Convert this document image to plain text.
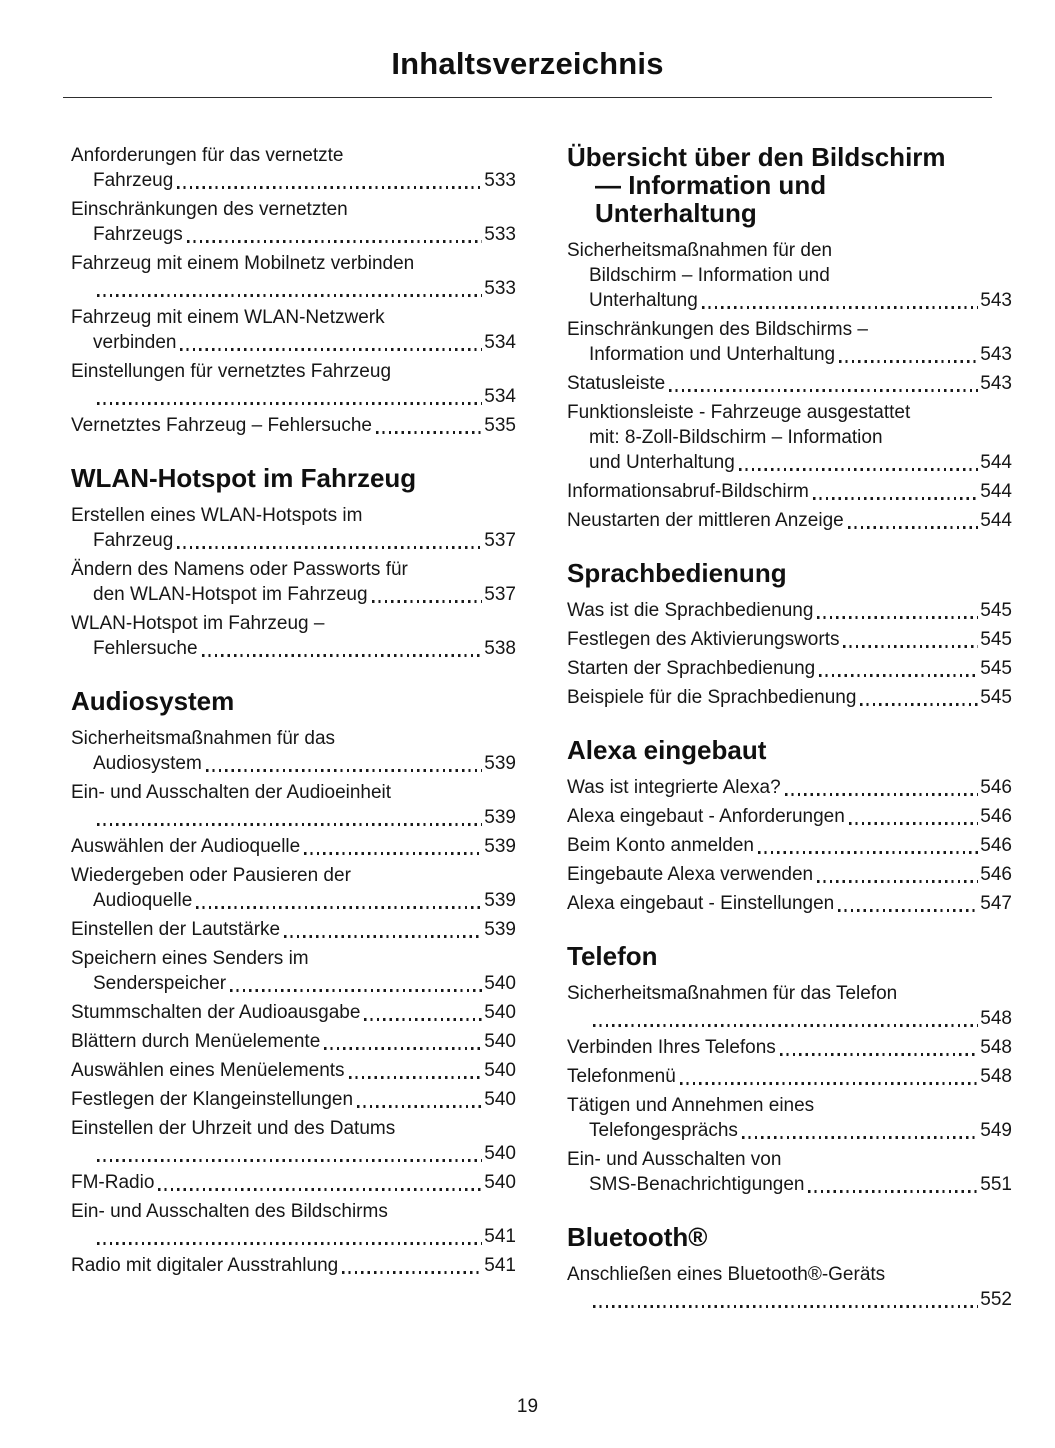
Inhaltsverzeichnis
Anforderungen für das vernetzte
Fahrzeug	533
Einschränkungen des vernetzten
Fahrzeugs	533
Fahrzeug mit einem Mobilnetz verbinden
533
Fahrzeug mit einem WLAN-Netzwerk
verbinden	534
Einstellungen für vernetztes Fahrzeug
534
Vernetztes Fahrzeug – Fehlersuche	535
WLAN-Hotspot im Fahrzeug
Erstellen eines WLAN-Hotspots im
Fahrzeug	537
Ändern des Namens oder Passworts für
den WLAN-Hotspot im Fahrzeug	537
WLAN-Hotspot im Fahrzeug –
Fehlersuche	538
Audiosystem
Sicherheitsmaßnahmen für das
Audiosystem	539
Ein- und Ausschalten der Audioeinheit
539
Auswählen der Audioquelle	539
Wiedergeben oder Pausieren der
Audioquelle	539
Einstellen der Lautstärke	539
Speichern eines Senders im
Senderspeicher	540
Stummschalten der Audioausgabe	540
Blättern durch Menüelemente	540
Auswählen eines Menüelements	540
Festlegen der Klangeinstellungen	540
Einstellen der Uhrzeit und des Datums
540
FM-Radio	540
Ein- und Ausschalten des Bildschirms
541
Radio mit digitaler Ausstrahlung	541
Übersicht über den Bildschirm
— Information und
Unterhaltung
Sicherheitsmaßnahmen für den
Bildschirm – Information und
Unterhaltung	543
Einschränkungen des Bildschirms –
Information und Unterhaltung	543
Statusleiste	543
Funktionsleiste - Fahrzeuge ausgestattet
mit: 8-Zoll-Bildschirm – Information
und Unterhaltung	544
Informationsabruf-Bildschirm	544
Neustarten der mittleren Anzeige	544
Sprachbedienung
Was ist die Sprachbedienung	545
Festlegen des Aktivierungsworts	545
Starten der Sprachbedienung	545
Beispiele für die Sprachbedienung	545
Alexa eingebaut
Was ist integrierte Alexa?	546
Alexa eingebaut - Anforderungen	546
Beim Konto anmelden	546
Eingebaute Alexa verwenden	546
Alexa eingebaut - Einstellungen	547
Telefon
Sicherheitsmaßnahmen für das Telefon
548
Verbinden Ihres Telefons	548
Telefonmenü	548
Tätigen und Annehmen eines
Telefongesprächs	549
Ein- und Ausschalten von
SMS-Benachrichtigungen	551
Bluetooth®
Anschließen eines Bluetooth®-Geräts
552
19
